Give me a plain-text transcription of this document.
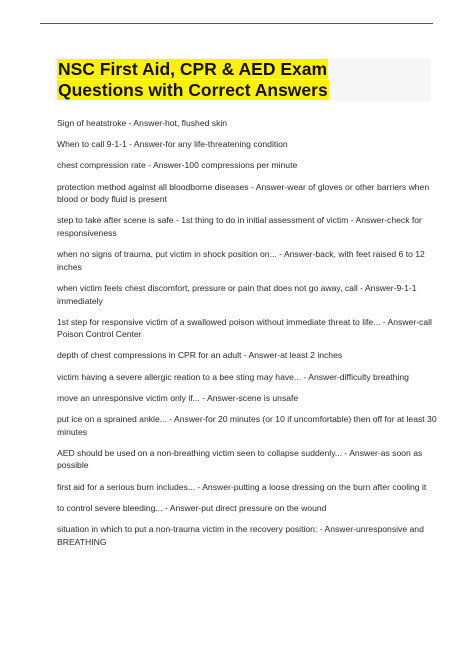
NSC First Aid, CPR & AED Exam
Questions with Correct Answers
Sign of heatstroke - Answer-hot, flushed skin
When to call 9-1-1 - Answer-for any life-threatening condition
chest compression rate - Answer-100 compressions per minute
protection method against all bloodborne diseases - Answer-wear of gloves or other barriers when blood or body fluid is present
step to take after scene is safe - 1st thing to do in initial assessment of victim - Answer-check for responsiveness
when no signs of trauma, put victim in shock position on... - Answer-back, with feet raised 6 to 12 inches
when victim feels chest discomfort, pressure or pain that does not go away, call - Answer-9-1-1 immediately
1st step for responsive victim of a swallowed poison without immediate threat to life... - Answer-call Poison Control Center
depth of chest compressions in CPR for an adult - Answer-at least 2 inches
victim having a severe allergic reation to a bee sting may have... - Answer-difficulty breathing
move an unresponsive victim only if... - Answer-scene is unsafe
put ice on a sprained ankle... - Answer-for 20 minutes (or 10 if uncomfortable) then off for at least 30 minutes
AED should be used on a non-breathing victim seen to collapse suddenly... - Answer-as soon as possible
first aid for a serious burn includes... - Answer-putting a loose dressing on the burn after cooling it
to control severe bleeding... - Answer-put direct pressure on the wound
situation in which to put a non-trauma victim in the recovery position: - Answer-unresponsive and BREATHING
